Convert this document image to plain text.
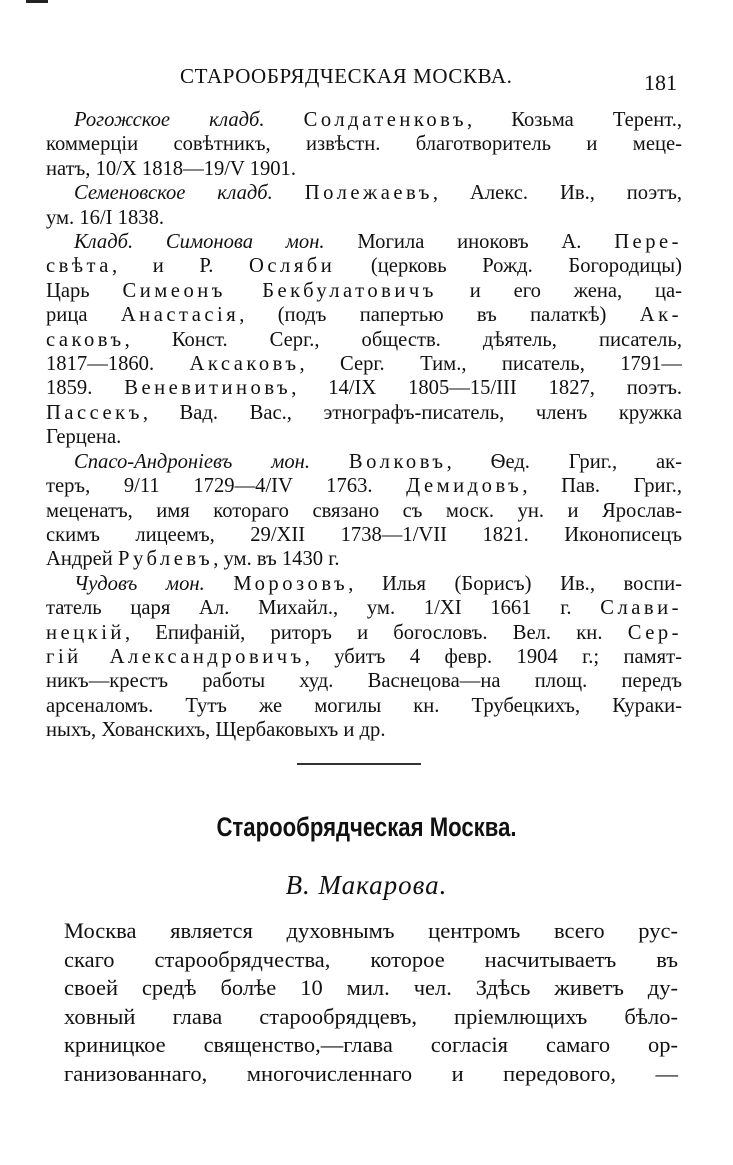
СТАРООБРЯДЧЕСКАЯ МОСКВА.	181
Рогожское кладб. Солдатенковъ, Козьма Терент.,
коммерціи совѣтникъ, извѣстн. благотворитель и меце-
натъ, 10/X 1818—19/V 1901.
Семеновское кладб. Полежаевъ, Алекс. Ив., поэтъ,
ум. 16/I 1838.
Кладб. Симонова мон. Могила иноковъ А. Пере-
свѣта, и Р. Осляби (церковь Рожд. Богородицы)
Царь Симеонъ Бекбулатовичъ и его жена, ца-
рица Анастасія, (подъ папертью въ палаткѣ) Ак-
саковъ, Конст. Серг., обществ. дѣятель, писатель,
1817—1860. Аксаковъ, Серг. Тим., писатель, 1791—
1859. Веневитиновъ, 14/IX 1805—15/III 1827, поэтъ.
Пассекъ, Вад. Вас., этнографъ-писатель, членъ кружка
Герцена.
Спасо-Андроніевъ мон. Волковъ, Ѳед. Григ., ак-
теръ, 9/11 1729—4/IV 1763. Демидовъ, Пав. Григ.,
меценатъ, имя котораго связано съ моск. ун. и Ярослав-
скимъ лицеемъ, 29/XII 1738—1/VII 1821. Иконописецъ
Андрей Рублевъ, ум. въ 1430 г.
Чудовъ мон. Морозовъ, Илья (Борисъ) Ив., воспи-
татель царя Ал. Михайл., ум. 1/XI 1661 г. Слави-
нецкій, Епифаній, риторъ и богословъ. Вел. кн. Сер-
гій Александровичъ, убитъ 4 февр. 1904 г.; памят-
никъ—крестъ работы худ. Васнецова—на площ. передъ
арсеналомъ. Тутъ же могилы кн. Трубецкихъ, Кураки-
ныхъ, Хованскихъ, Щербаковыхъ и др.
Старообрядческая Москва.
В. Макарова.
Москва является духовнымъ центромъ всего рус-
скаго старообрядчества, которое насчитываетъ въ
своей средѣ болѣе 10 мил. чел. Здѣсь живетъ ду-
ховный глава старообрядцевъ, пріемлющихъ бѣло-
криницкое священство,—глава согласія самаго ор-
ганизованнаго, многочисленнаго и передового, —
